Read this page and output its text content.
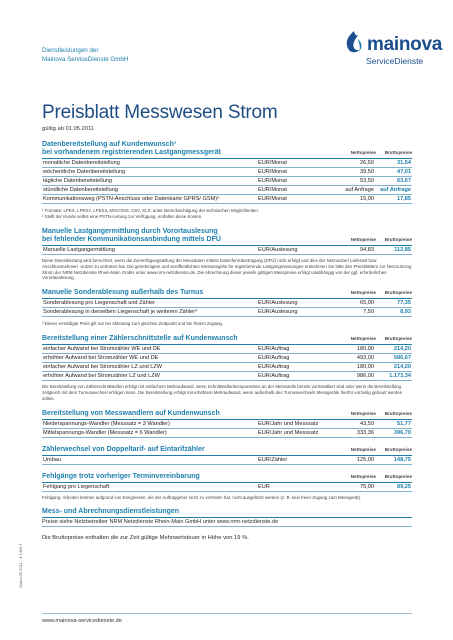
Dienstleistungen der
Mainova ServiceDienste GmbH
mainova
ServiceDienste
Preisblatt Messwesen Strom
gültig ab 01.05.2011
Datenbereitstellung auf Kundenwunsch¹
bei vorhandenem registrierenden Lastgangmessgerät	Nettopreise Bruttopreise
monatliche Datenbereitstellung	EUR/Monat	26,50	31,54
wöchentliche Datenbereitstellung	EUR/Monat	39,50	47,01
tägliche Datenbereitstellung	EUR/Monat	53,50	63,67
stündliche Datenbereitstellung	EUR/Monat	auf Anfrage	auf Anfrage
Kommunikationsweg (PSTN-Anschluss oder Datenkarte GPRS/ GSM)²	EUR/Monat	15,00	17,85
¹ Formate: LPEX, LPEX2, LPEX3, MSCONS, CSV, XLS; unter Berücksichtigung der technischen Möglichkeiten.
² Stellt der Kunde selbst eine PSTN-Leitung zur Verfügung, entfallen diese Kosten.
Manuelle Lastgangermittlung durch Vorortauslesung
bei fehlender Kommunikationsanbindung mittels DFÜ	Nettopreise Bruttopreise
Manuelle Lastgangermittlung	EUR/Auslesung	94,83	112,85
Diese Dienstleistung wird berechnet, wenn die Zurverfügungstellung der Messdaten mittels Datenfernübertragung (DFÜ) nicht erfolgt und dies der Netznutzer/ Lieferant bzw. Anschlussnehmer/ -nutzer zu vertreten hat. Die genehmigten und veröffentlichten Messentgelte für registrierende Lastgangmessungen entnehmen Sie bitte den Preisblättern zur Netznutzung Strom der NRM Netzdienste Rhein-Main GmbH unter www.nrm-netzdienste.de. Die Abrechnung dieser jeweils gültigen Messpreise erfolgt unabhängig von der ggf. erforderlichen Vorortauslesung.
Manuelle Sonderablesung außerhalb des Turnus	Nettopreise Bruttopreise
Sonderablesung pro Liegenschaft und Zähler	EUR/Auslesung	65,00	77,35
Sonderablesung in derselben Liegenschaft je weiteren Zähler³	EUR/Auslesung	7,50	8,93
³ Dieser ermäßigte Preis gilt nur bei Ablesung zum gleichen Zeitpunkt und bei freiem Zugang.
Bereitstellung einer Zählerschnittstelle auf Kundenwunsch	Nettopreise Bruttopreise
einfacher Aufwand bei Stromzähler WE und DE	EUR/Auftrag	180,00	214,20
erhöhter Aufwand bei Stromzähler WE und DE	EUR/Auftrag	493,00	586,67
einfacher Aufwand bei Stromzähler LZ und LZW	EUR/Auftrag	180,00	214,20
erhöhter Aufwand bei Stromzähler LZ und LZW	EUR/Auftrag	986,00	1.173,34
Die Bereitstellung von Zählerschnittstellen erfolgt mit einfachem Mehraufwand, wenn Schnittstellenkomponenten an der Messstelle bereits vorinstalliert sind oder wenn die Bereitstellung zeitgleich mit dem Turnuswechsel erfolgen kann. Die Bereitstellung erfolgt mit erhöhtem Mehraufwand, wenn außerhalb des Turnuswechsels Messgeräte hierfür vorzeitig gebaut/ werden sollen.
Bereitstellung von Messwandlern auf Kundenwunsch	Nettopreise Bruttopreise
Niederspannungs-Wandler (Messsatz = 3 Wandler)	EUR/Jahr und Messsatz	43,50	51,77
Mittelspannungs-Wandler (Messsatz = 6 Wandler)	EUR/Jahr und Messsatz	333,36	396,70
Zählerwechsel von Doppeltarif- auf Eintarifzähler	Nettopreise Bruttopreise
Umbau	EUR/Zähler	125,00	148,75
Fehlgänge trotz vorheriger Terminvereinbarung	Nettopreise Bruttopreise
Fehlgang pro Liegenschaft	EUR	75,00	89,25
Fehlgang: Arbeiten können aufgrund von Ereignissen, die der Auftraggeber nicht zu vertreten hat, nicht ausgeführt werden (z. B. kein freier Zugang zum Messgerät).
Mess- und Abrechnungsdienstleistungen
Preise siehe Netzbetreiber NRM Netzdienste Rhein-Main GmbH unter www.nrm-netzdienste.de
Die Bruttopreise enthalten die zur Zeit gültige Mehrwertsteuer in Höhe von 19 %.
Stand 05.2011 - 4.1466.1
www.mainova-servicedienste.de
